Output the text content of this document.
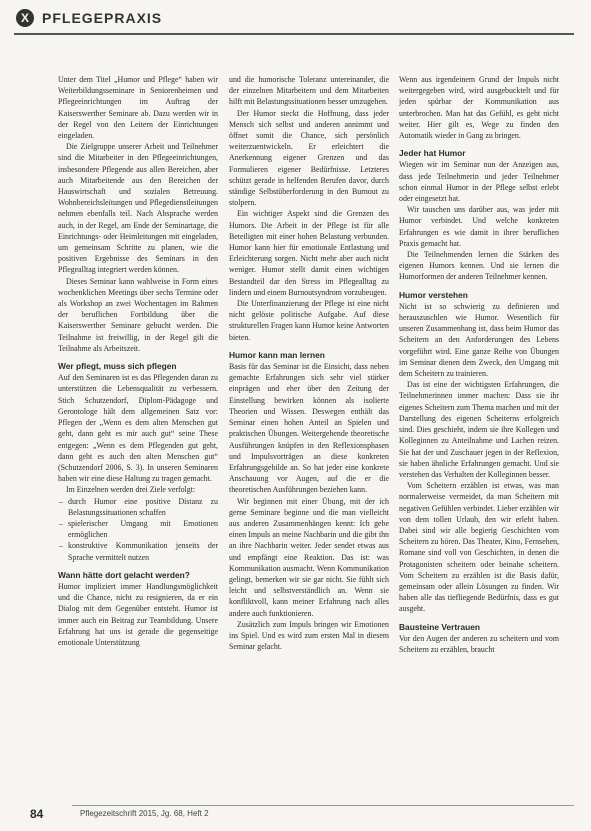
X PFLEGEPRAXIS

Unter dem Titel „Humor und Pflege“ haben wir Weiterbildungsseminare in Seniorenheimen und Pflegeeinrichtungen im Auftrag der Kaiserswerther Seminare ab. Dazu werden wir in der Regel von den Leitern der Einrichtungen eingeladen.

Die Zielgruppe unserer Arbeit und Teilnehmer sind die Mitarbeiter in den Pflegeeinrichtungen, insbesondere Pflegende aus allen Bereichen, aber auch Mitarbeitende aus den Bereichen der Hauswirtschaft und sozialen Betreuung. Wohnbereichsleitungen und Pflegedienstleitungen nehmen ebenfalls teil. Nach Absprache werden auch, in der Regel, am Ende der Seminartage, die Einrichtungs- oder Heimleitungen mit eingeladen, um gemeinsam Schritte zu planen, wie die positiven Ergebnisse des Seminars in den Pflegealltag integriert werden können.

Dieses Seminar kann wahlweise in Form eines wochenklichen Meetings über sechs Termine oder als Workshop an zwei Wochentagen im Rahmen der beruflichen Fortbildung über die Kaiserswerther Seminare gebucht werden. Die Teilnahme ist freiwillig, in der Regel gilt die Teilnahme als Arbeitszeit.

Wer pflegt, muss sich pflegen

Auf den Seminaren ist es das Pflegenden daran zu unterstützen die Lebensqualität zu verbessern. Stich Schutzendorf, Diplom-Pädagoge und Gerontologe hält dem allgemeinen Satz vor: Pflegen der „Wenn es dem alten Menschen gut geht, dann geht es mir auch gut“ seine These entgegen: „Wenn es dem Pflegenden gut geht, dann geht es auch den alten Menschen gut“ (Schutzendorf 2006, S. 3). In unseren Seminaren haben wir eine diese Haltung zu tragen gemacht.

Im Einzelnen werden drei Ziele verfolgt:

– durch Humor eine positive Distanz zu Belastungssituationen schaffen
– spielerischer Umgang mit Emotionen ermöglichen
– konstruktive Kommunikation jenseits der Sprache vermittelt nutzen
Wann hätte dort gelacht werden?

Humor impliziert immer Handlungsmöglichkeit und die Chance, nicht zu resignieren, da er ein Dialog mit dem Gegenüber entsteht. Humor ist immer auch ein Beitrag zur Teambildung. Unsere Erfahrung hat uns ist gerade die gegenseitige emotionale Unterstützung

und die humorische Toleranz untereinander, die der einzelnen Mitarbeitern und dem Mitarbeiten hilft mit Belastungssituationen besser umzugehen.

Der Humor steckt die Hoffnung, dass jeder Mensch sich selbst und anderen annimmt und öffnet somit die Chance, sich persönlich weiterzuentwickeln. Er erleichtert die Anerkennung eigener Grenzen und das Formulieren eigener Bedürfnisse. Letzteres schützt gerade in helfenden Berufen davor, durch ständige Selbstüberforderung in den Burnout zu stolpern.

Ein wichtiger Aspekt sind die Grenzen des Humors. Die Arbeit in der Pflege ist für alle Beteiligten mit einer hohen Belastung verbunden. Humor kann hier für emotionale Entlastung und Erleichterung sorgen. Nicht mehr aber auch nicht weniger. Humor stellt damit einen wichtigen Bestandteil dar den Stress im Pflegealltag zu lindern und einem Burnoutsyndrom vorzubeugen.

Die Unterfinanzierung der Pflege ist eine nicht nicht gelöste politische Aufgabe. Auf diese strukturellen Fragen kann Humor keine Antworten bieten.

Humor kann man lernen

Basis für das Seminar ist die Einsicht, dass neben gemachte Erfahrungen sich sehr viel stärker einprägen und eher über den Zeitung der Einstellung bewirken können als isolierte Theorien und Wissen. Deswegen enthält das Seminar einen hohen Anteil an Spielen und praktischen Übungen. Weitergehende theoretische Ausführungen knüpfen in den Reflexionsphasen und Impulsvorträgen an diese konkreten Erfahrungsgebilde an. So hat jeder eine konkrete Anschauung vor Augen, auf die er die theoretischen Ausführungen beziehen kann.

Wir beginnen mit einer Übung, mit der ich gerne Seminare beginne und die man vielleicht aus anderen Zusammenhängen kennt: Ich gebe einen Impuls an meine Nachbarin und die gibt ihn an ihre Nachbarin weiter. Jeder sendet etwas aus und empfängt eine Reaktion. Das ist: was Kommunikation ausmacht. Wenn Kommunikation gelingt, bemerken wir sie gar nicht. Sie fühlt sich leicht und selbstverständlich an. Wenn sie konfliktvoll, kann meiner Erfahrung nach alles andere auch funktionieren.

Zusätzlich zum Impuls bringen wir Emotionen ins Spiel. Und es wird zum ersten Mal in diesem Seminar gelacht.

Wenn aus irgendeinem Grund der Impuls nicht weitergegeben wird, wird ausgebucktelt und für jeden spürbar der Kommunikation aus unterbrochen. Man hat das Gefühl, es geht nicht weiter. Hier gilt es, Wege zu finden den Automatik wieder in Gang zu bringen.

Jeder hat Humor

Wiegen wir im Seminar nun der Anzeigen aus, dass jede Teilnehmerin und jeder Teilnehmer schon einmal Humor in der Pflege selbst erlebt oder eingesetzt hat.

Wir tauschen uns darüber aus, was jeder mit Humor verbindet. Und welche konkreten Erfahrungen es wie damit in ihrer beruflichen Praxis gemacht hat.

Die Teilnehmenden lernen die Stärken des eigenen Humors kennen. Und sie lernen die Humorformen der anderen Teilnehmer kennen.

Humor verstehen

Nicht ist so schwierig zu definieren und herauszuschlen wie Humor. Wesentlich für unseren Zusammenhang ist, dass beim Humor das Scheitern an den Anforderungen des Lebens vorgeführt wird. Eine ganze Reihe von Übungen im Seminar dienen dem Zweck, den Umgang mit dem Scheitern zu trainieren.

Das ist eine der wichtigsten Erfahrungen, die Teilnehmerinnen immer machen: Dass sie ihr eigenes Scheitern zum Thema machen und mit der Darstellung des eigenen Scheiterns erfolgreich sind. Dies geschieht, indem sie ihre Kollegen und Kolleginnen zu Anteilnahme und Lachen reizen. Sie hat der und Zuschauer jegen in der Reflexion, sie haben ähnliche Erfahrungen gemacht. Und sie verstehen das Verhalten der Kolleginnen besser.

Vom Scheitern erzählen ist etwas, was man normalerweise vermeidet, da man Scheitern mit negativen Gefühlen verbindet. Lieber erzählen wir von dem tollen Urlaub, den wir erlebt haben. Dabei sind wir alle begierig Geschichten vom Scheitern zu hören. Das Theater, Kino, Fernsehen, Romane sind voll von Geschichten, in denen die Protagonisten scheitern oder beinahe scheitern. Vom Scheitern zu erzählen ist die Basis dafür, gemeinsam oder allein Lösungen zu finden. Wir haben alle das tiefliegende Bedürfnis, dass es gut ausgeht.

Bausteine Vertrauen

Vor den Augen der anderen zu scheitern und vom Scheitern zu erzählen, braucht

84	Pflegezeitschrift 2015, Jg. 68, Heft 2
